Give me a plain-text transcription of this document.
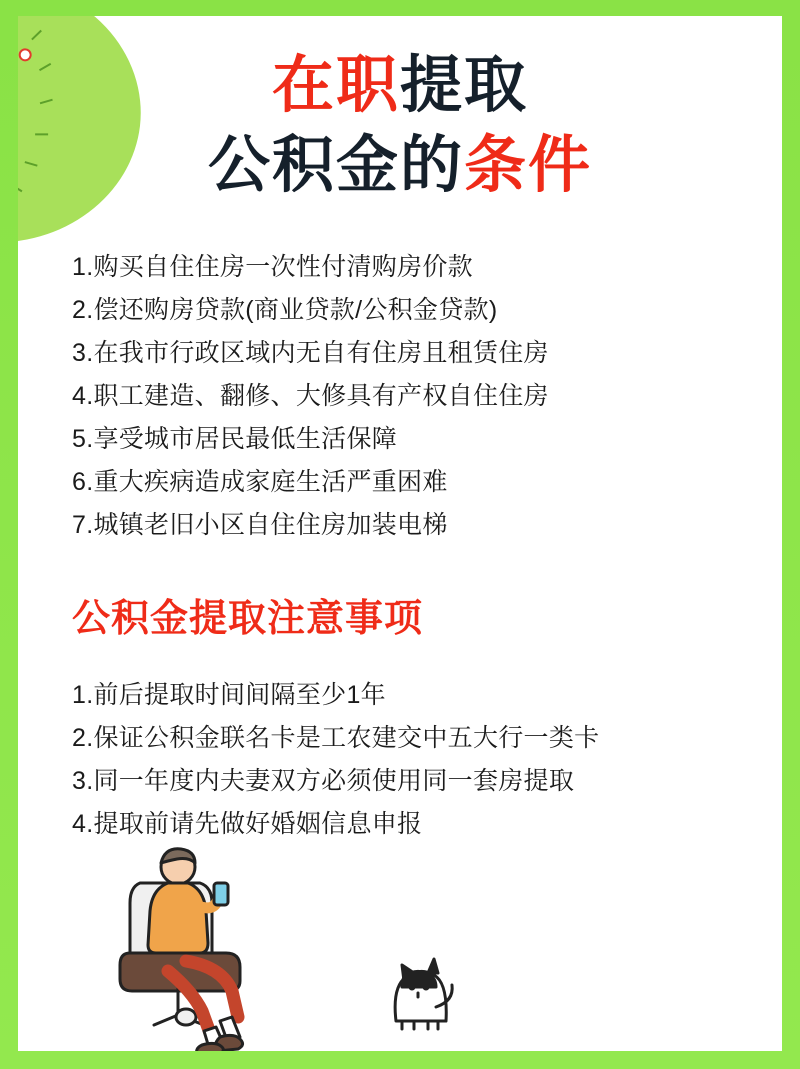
在职提取
公积金的条件
1.购买自住住房一次性付清购房价款
2.偿还购房贷款(商业贷款/公积金贷款)
3.在我市行政区域内无自有住房且租赁住房
4.职工建造、翻修、大修具有产权自住住房
5.享受城市居民最低生活保障
6.重大疾病造成家庭生活严重困难
7.城镇老旧小区自住住房加装电梯
公积金提取注意事项
1.前后提取时间间隔至少1年
2.保证公积金联名卡是工农建交中五大行一类卡
3.同一年度内夫妻双方必须使用同一套房提取
4.提取前请先做好婚姻信息申报
